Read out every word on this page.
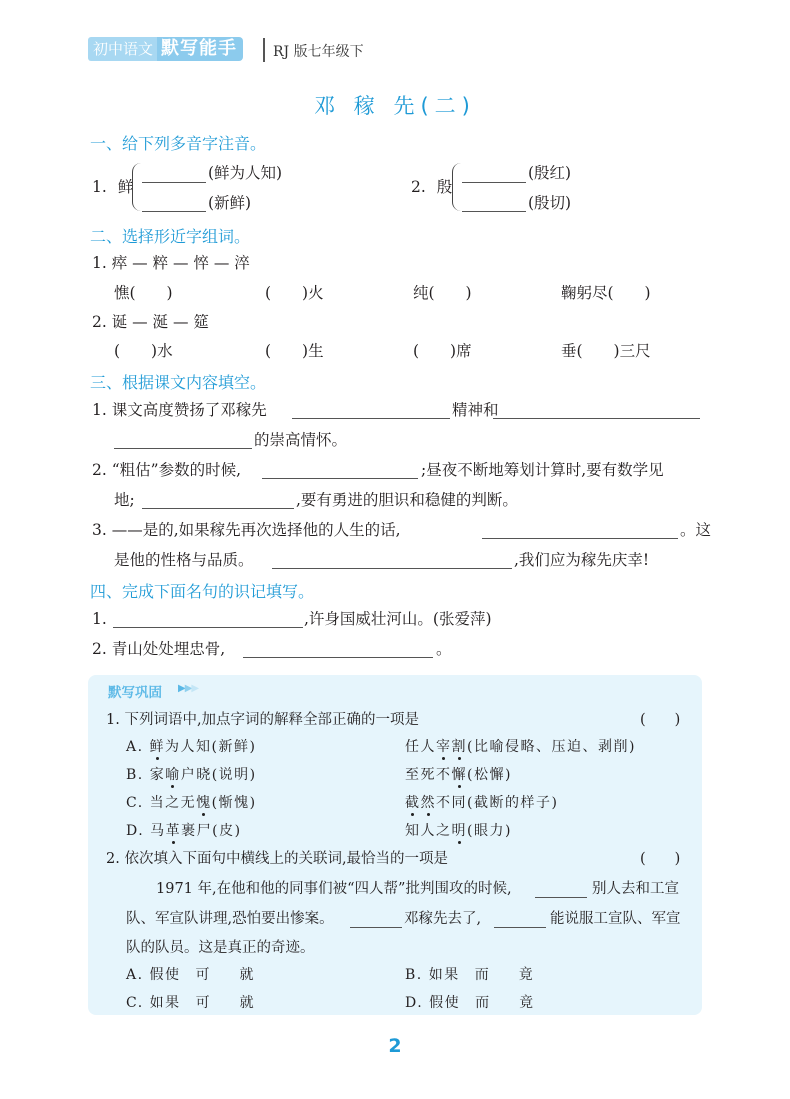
初中语文 默写能手	RJ 版七年级下
邓 稼 先(二)
一、给下列多音字注音。
1. 鲜
(鲜为人知)
(新鲜)
2. 殷
(殷红)
(殷切)
二、选择形近字组词。
1. 瘁 — 粹 — 悴 — 淬
憔(　　)	(　　)火	纯(　　)	鞠躬尽(　　)
2. 诞 — 涎 — 筵
(　　)水	(　　)生	(　　)席	垂(　　)三尺
三、根据课文内容填空。
1. 课文高度赞扬了邓稼先	精神和
的崇高情怀。
2. “粗估”参数的时候,	;昼夜不断地筹划计算时,要有数学见
地;	,要有勇进的胆识和稳健的判断。
3. ——是的,如果稼先再次选择他的人生的话,	。这
是他的性格与品质。	,我们应为稼先庆幸!
四、完成下面名句的识记填写。
1.	,许身国威壮河山。(张爱萍)
2. 青山处处埋忠骨,	。
默写巩固 ▶▶▶
1. 下列词语中,加点字词的解释全部正确的一项是	(　　)
A. 鲜为人知(新鲜)	任人宰割(比喻侵略、压迫、剥削)
B. 家喻户晓(说明)	至死不懈(松懈)
C. 当之无愧(惭愧)	截然不同(截断的样子)
D. 马革裹尸(皮)	知人之明(眼力)
2. 依次填入下面句中横线上的关联词,最恰当的一项是	(　　)
1971 年,在他和他的同事们被“四人帮”批判围攻的时候,	别人去和工宣
队、军宣队讲理,恐怕要出惨案。	邓稼先去了,	能说服工宣队、军宣
队的队员。这是真正的奇迹。
A. 假使 可 就	B. 如果 而 竟
C. 如果 可 就	D. 假使 而 竟
2
